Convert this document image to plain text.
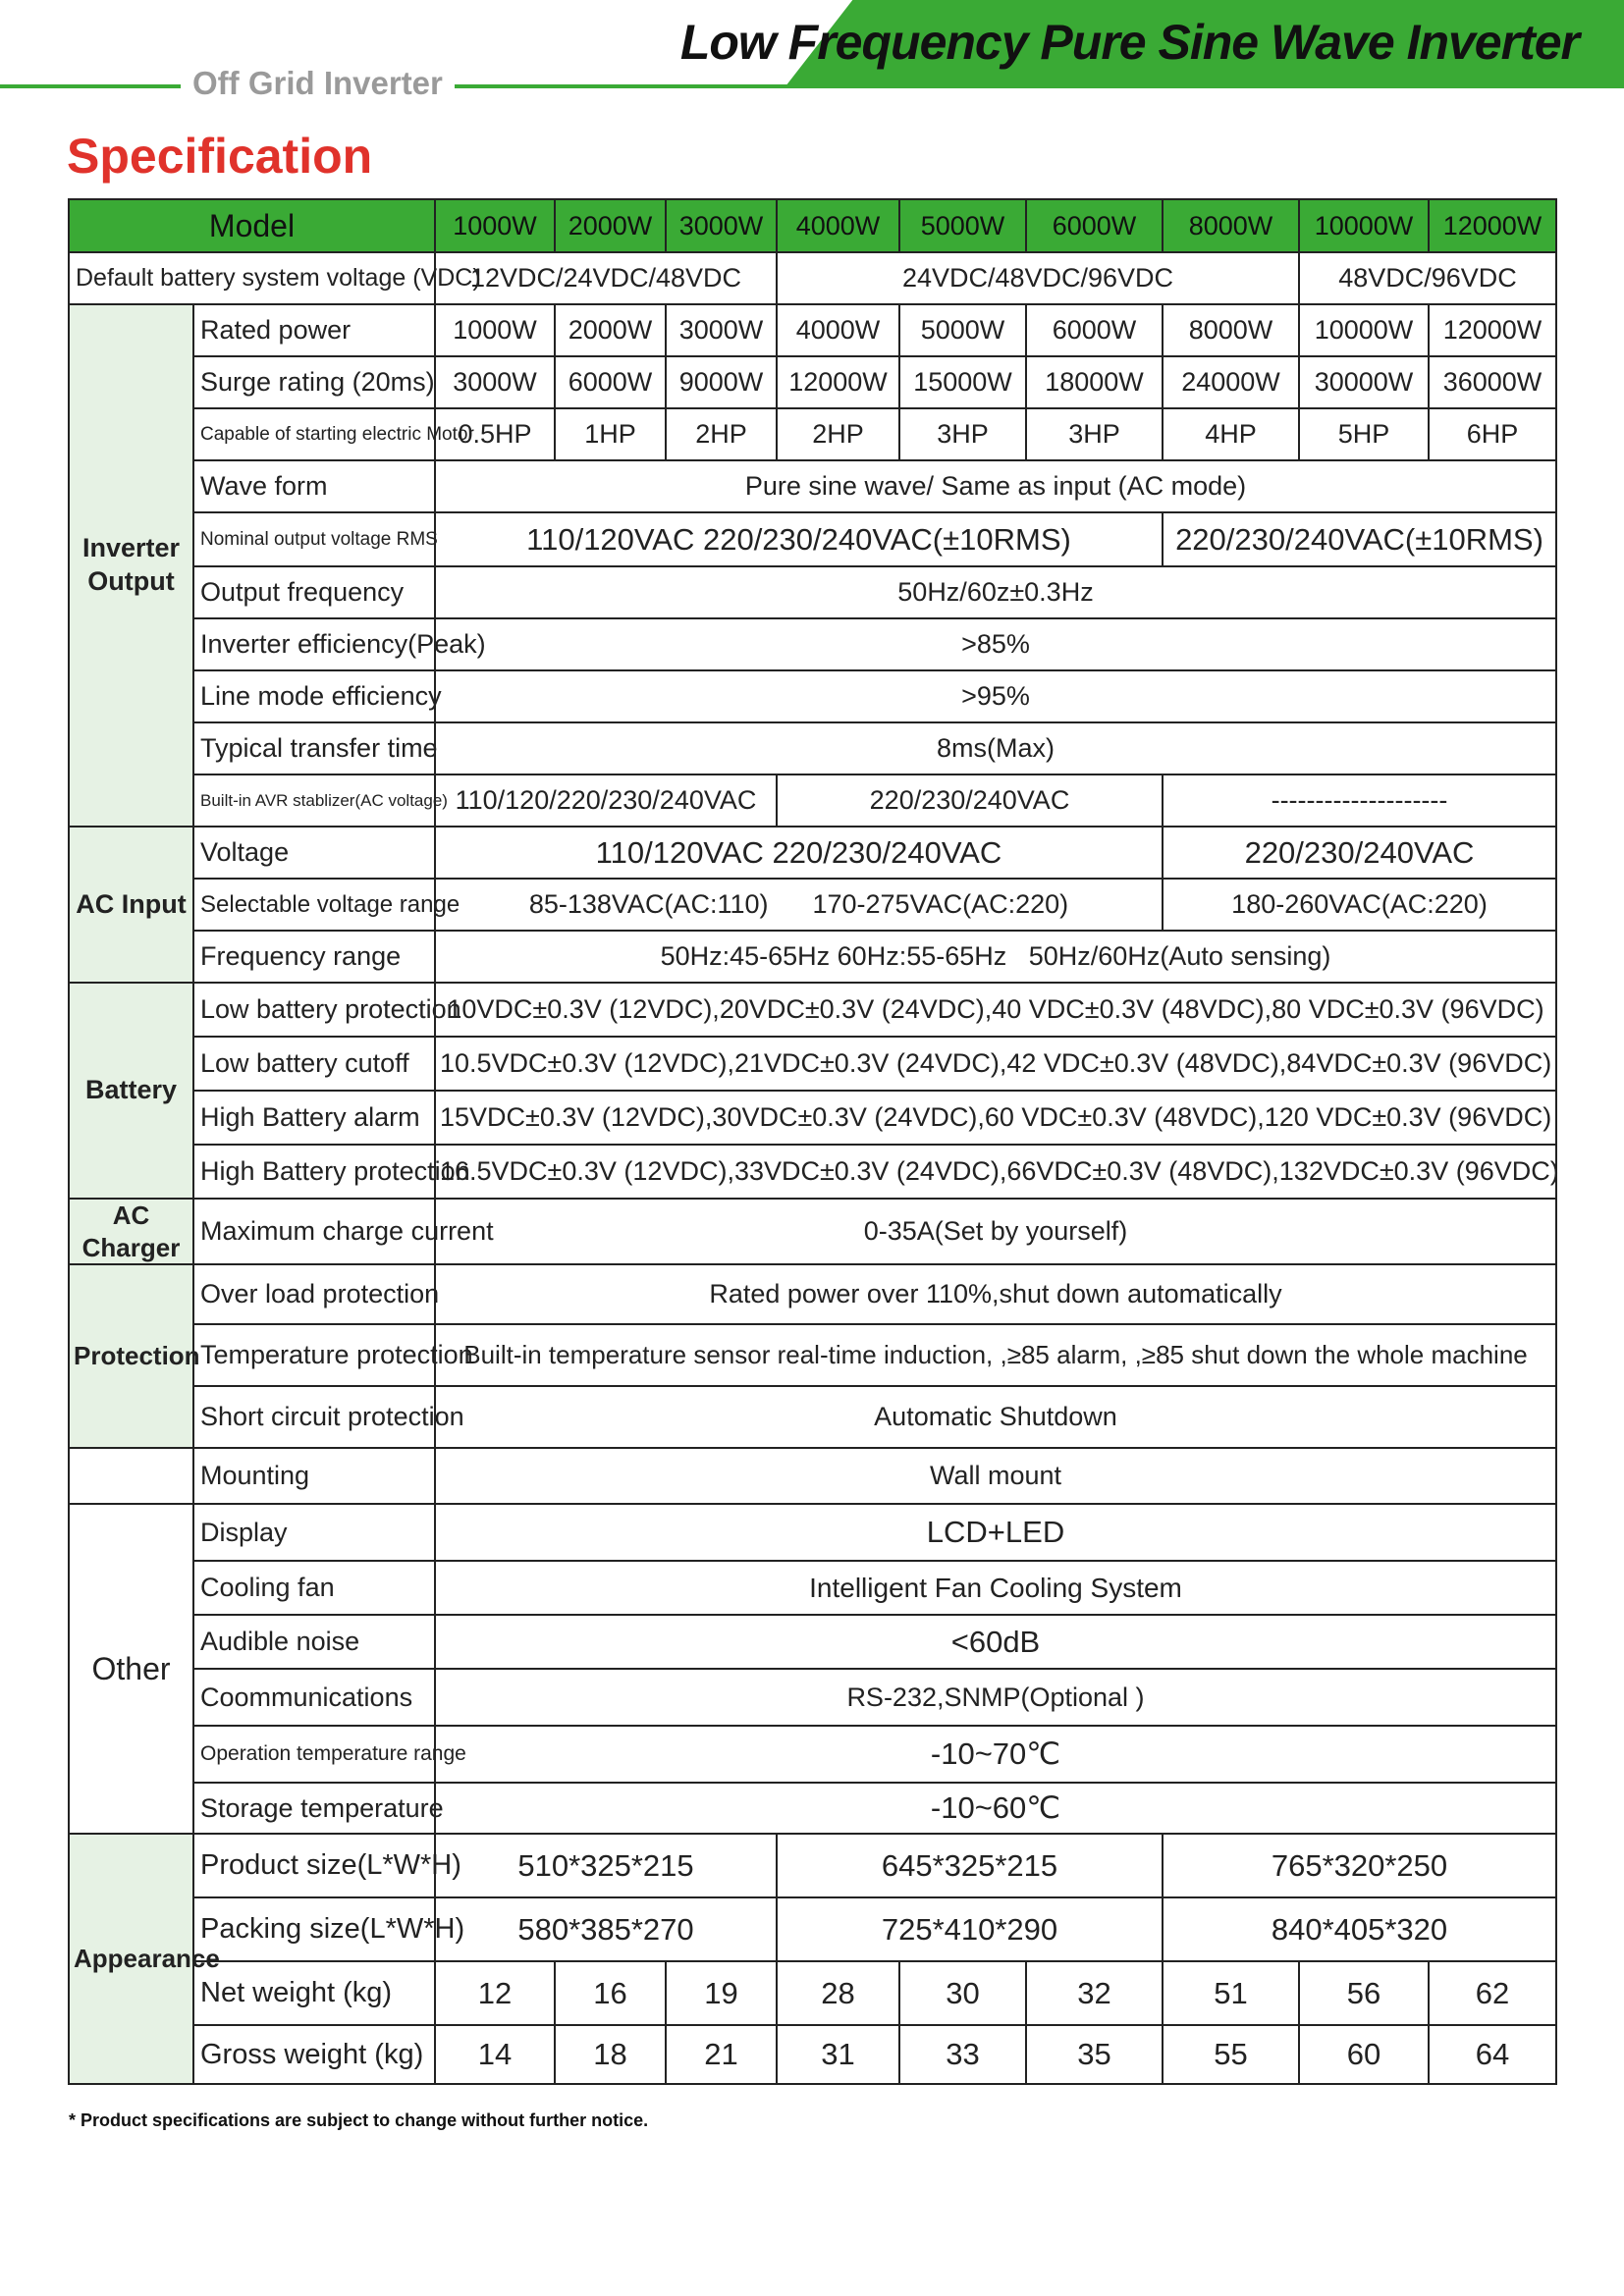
Low Frequency Pure Sine Wave Inverter
Off Grid Inverter
Specification
Model		1000W	2000W	3000W	4000W	5000W	6000W	8000W	10000W	12000W
Default battery system voltage (VDC)		12VDC/24VDC/48VDC			24VDC/48VDC/96VDC				48VDC/96VDC	
Inverter Output	Rated power	1000W	2000W	3000W	4000W	5000W	6000W	8000W	10000W	12000W
	Surge rating (20ms)	3000W	6000W	9000W	12000W	15000W	18000W	24000W	30000W	36000W
	Capable of starting electric Motor	0.5HP	1HP	2HP	2HP	3HP	3HP	4HP	5HP	6HP
	Wave form	Pure sine wave/ Same as input (AC mode)								
	Nominal output voltage RMS	110/120VAC 220/230/240VAC(±10RMS)						220/230/240VAC(±10RMS)		
	Output frequency	50Hz/60z±0.3Hz								
	Inverter efficiency(Peak)	>85%								
	Line mode efficiency	>95%								
	Typical transfer time	8ms(Max)								
	Built-in AVR stablizer(AC voltage)	110/120/220/230/240VAC			220/230/240VAC			--------------------		
AC Input	Voltage	110/120VAC 220/230/240VAC						220/230/240VAC		
	Selectable voltage range	85-138VAC(AC:110)      170-275VAC(AC:220)						180-260VAC(AC:220)		
	Frequency range	50Hz:45-65Hz 60Hz:55-65Hz   50Hz/60Hz(Auto sensing)								
Battery	Low battery protection	10VDC±0.3V (12VDC),20VDC±0.3V (24VDC),40 VDC±0.3V (48VDC),80 VDC±0.3V (96VDC)								
	Low battery cutoff	10.5VDC±0.3V (12VDC),21VDC±0.3V (24VDC),42 VDC±0.3V (48VDC),84VDC±0.3V (96VDC)								
	High Battery alarm	15VDC±0.3V (12VDC),30VDC±0.3V (24VDC),60 VDC±0.3V (48VDC),120 VDC±0.3V (96VDC)								
	High Battery protection	16.5VDC±0.3V (12VDC),33VDC±0.3V (24VDC),66VDC±0.3V (48VDC),132VDC±0.3V (96VDC)								
AC Charger	Maximum charge current	0-35A(Set by yourself)								
Protection	Over load protection	Rated power over 110%,shut down automatically								
	Temperature protection	Built-in temperature sensor real-time induction, ,≥85 alarm, ,≥85 shut down the whole machine								
	Short circuit protection	Automatic Shutdown								
	Mounting	Wall mount								
Other	Display	LCD+LED								
	Cooling fan	Intelligent Fan Cooling System								
	Audible noise	<60dB								
	Coommunications	RS-232,SNMP(Optional )								
	Operation temperature range	-10~70℃								
	Storage temperature	-10~60℃								
Appearance	Product size(L*W*H)	510*325*215			645*325*215			765*320*250		
	Packing size(L*W*H)	580*385*270			725*410*290			840*405*320		
	Net weight (kg)	12	16	19	28	30	32	51	56	62
	Gross weight (kg)	14	18	21	31	33	35	55	60	64
* Product specifications are subject to change without further notice.
